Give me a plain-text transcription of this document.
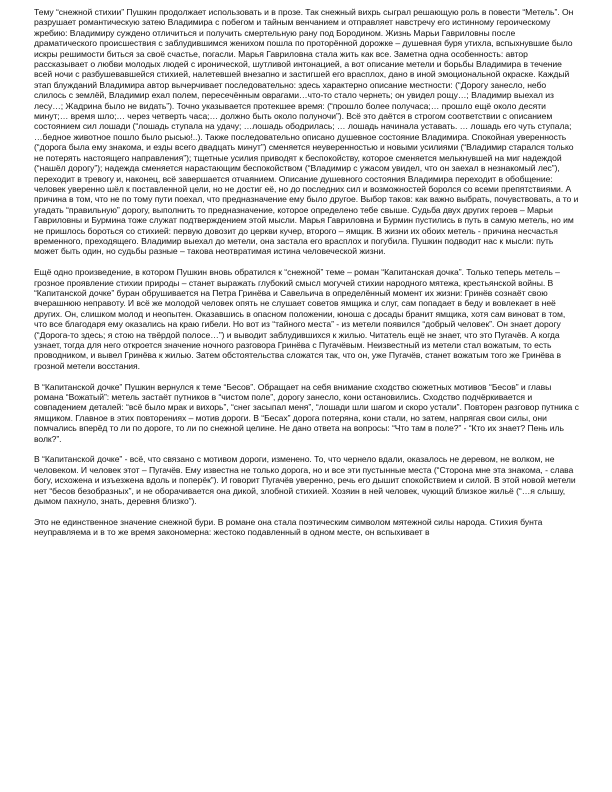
Тему “снежной стихии” Пушкин продолжает использовать и в прозе. Так снежный вихрь сыграл решающую роль в повести “Метель”. Он разрушает романтическую затею Владимира с побегом и тайным венчанием и отправляет навстречу его истинному героическому жребию: Владимиру суждено отличиться и получить смертельную рану под Бородином. Жизнь Марьи Гавриловны после драматического происшествия с заблудившимся женихом пошла по проторённой дорожке – душевная буря утихла, вспыхнувшие было искры решимости биться за своё счастье, погасли. Марья Гавриловна стала жить как все. Заметна одна особенность: автор рассказывает о любви молодых людей с иронической, шутливой интонацией, а вот описание метели и борьбы Владимира в течение всей ночи с разбушевавшейся стихией, налетевшей внезапно и застигшей его врасплох, дано в иной эмоциональной окраске. Каждый этап блужданий Владимира автор вычерчивает последовательно: здесь характерно описание местности: (“Дорогу занесло, небо слилось с землёй, Владимир ехал полем, пересечённым оврагами…что-то стало чернеть; он увидел рощу…; Владимир выехал из лесу…; Жадрина было не видать”). Точно указывается протекшее время: (“прошло более получаса;… прошло ещё около десяти минут;… время шло;… через четверть часа;… должно быть около полуночи”). Всё это даётся в строгом соответствии с описанием состоянием сил лошади (“лошадь ступала на удачу; …лошадь ободрилась; … лошадь начинала уставать. … лошадь его чуть ступала; …бедное животное пошло было рысью!..). Также последовательно описано душевное состояние Владимира. Спокойная уверенность (“дорога была ему знакома, и езды всего двадцать минут”) сменяется неуверенностью и новыми усилиями (“Владимир старался только не потерять настоящего направления”); тщетные усилия приводят к беспокойству, которое сменяется мелькнувшей на миг надеждой (“нашёл дорогу”); надежда сменяется нарастающим беспокойством (“Владимир с ужасом увидел, что он заехал в незнакомый лес”), переходит в тревогу и, наконец, всё завершается отчаянием. Описание душевного состояния Владимира переходит в обобщение: человек уверенно шёл к поставленной цели, но не достиг её, но до последних сил и возможностей боролся со всеми препятствиями. А причина в том, что не по тому пути поехал, что предназначение ему было другое. Выбор таков: как важно выбрать, почувствовать, а то и угадать “правильную” дорогу, выполнить то предназначение, которое определено тебе свыше. Судьба двух других героев – Марьи Гавриловны и Бурмина тоже служат подтверждением этой мысли. Марья Гавриловна и Бурмин пустились в путь в самую метель, но им не пришлось бороться со стихией: первую довозит до церкви кучер, второго – ямщик. В жизни их обоих метель - причина несчастья временного, преходящего. Владимир выехал до метели, она застала его врасплох и погубила. Пушкин подводит нас к мысли: путь может быть один, но судьбы разные – такова неотвратимая истина человеческой жизни.

Ещё одно произведение, в котором Пушкин вновь обратился к “снежной” теме – роман “Капитанская дочка”. Только теперь метель – грозное проявление стихии природы – станет выражать глубокий смысл могучей стихии народного мятежа, крестьянской войны. В “Капитанской дочке” буран обрушивается на Петра Гринёва и Савельича в определённый момент их жизни: Гринёв сознаёт свою вчерашнюю неправоту. И всё же молодой человек опять не слушает советов ямщика и слуг, сам попадает в беду и вовлекает в неё других. Он, слишком молод и неопытен. Оказавшись в опасном положении, юноша с досады бранит ямщика, хотя сам виноват в том, что все благодаря ему оказались на краю гибели. Но вот из “тайного места” - из метели появился “добрый человек”. Он знает дорогу (“Дорога-то здесь; я стою на твёрдой полосе…”) и выводит заблудившихся к жилью. Читатель ещё не знает, что это Пугачёв. А когда узнает, тогда для него откроется значение ночного разговора Гринёва с Пугачёвым. Неизвестный из метели стал вожатым, то есть проводником, и вывел Гринёва к жилью. Затем обстоятельства сложатся так, что он, уже Пугачёв, станет вожатым того же Гринёва в грозной метели восстания.

В “Капитанской дочке” Пушкин вернулся к теме “Бесов”. Обращает на себя внимание сходство сюжетных мотивов “Бесов” и главы романа “Вожатый”: метель застаёт путников в “чистом поле”, дорогу занесло, кони остановились. Сходство подчёркивается и совпадением деталей: “всё было мрак и вихорь”, “снег засыпал меня”, “лошади шли шагом и скоро устали”. Повторен разговор путника с ямщиком. Главное в этих повторениях – мотив дороги. В “Бесах” дорога потеряна, кони стали, но затем, напрягая свои силы, они помчались вперёд то ли по дороге, то ли по снежной целине. Не дано ответа на вопросы: “Что там в поле?” - “Кто их знает? Пень иль волк?”.

В “Капитанской дочке” - всё, что связано с мотивом дороги, изменено. То, что чернело вдали, оказалось не деревом, не волком, не человеком. И человек этот – Пугачёв. Ему известна не только дорога, но и все эти пустынные места (“Сторона мне эта знакома, - слава богу, исхожена и изъезжена вдоль и поперёк”). И говорит Пугачёв уверенно, речь его дышит спокойствием и силой. В этой новой метели нет “бесов безобразных”, и не оборачивается она дикой, злобной стихией. Хозяин в ней человек, чующий близкое жильё (“…я слышу, дымом пахнуло, знать, деревня близко”).

Это не единственное значение снежной бури. В романе она стала поэтическим символом мятежной силы народа. Стихия бунта неуправляема и в то же время закономерна: жестоко подавленный в одном месте, он вспыхивает в
